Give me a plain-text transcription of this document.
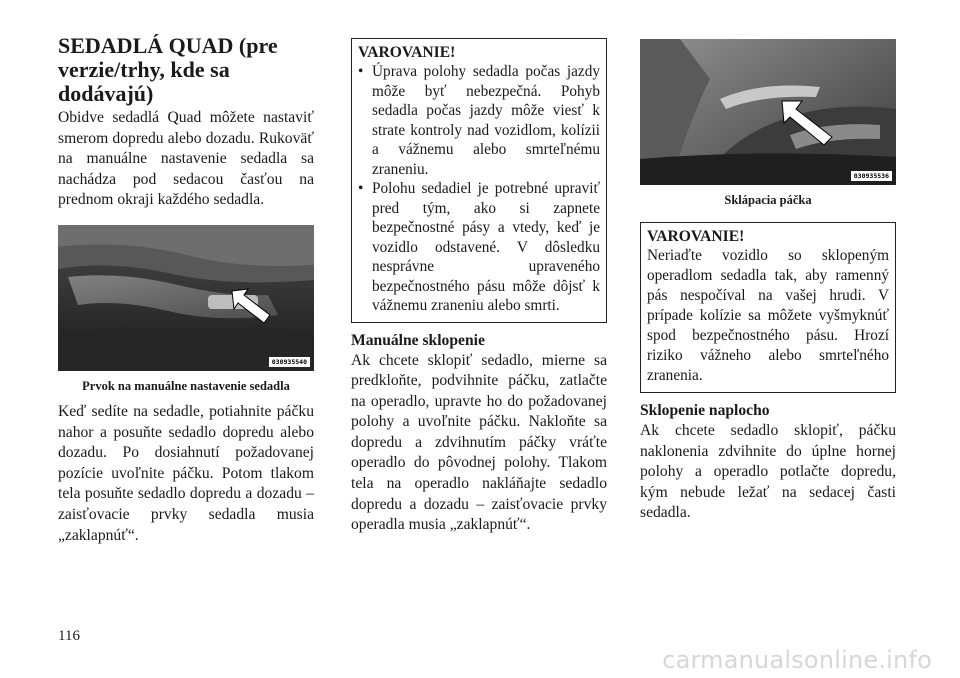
SEDADLÁ QUAD (pre verzie/trhy, kde sa dodávajú)

Obidve sedadlá Quad môžete nastaviť smerom dopredu alebo dozadu. Rukoväť na manuálne nastavenie sedadla sa nachádza pod sedacou časťou na prednom okraji každého sedadla.

030935540
Prvok na manuálne nastavenie sedadla

Keď sedíte na sedadle, potiahnite páčku nahor a posuňte sedadlo dopredu alebo dozadu. Po dosiahnutí požadovanej pozície uvoľnite páčku. Potom tlakom tela posuňte sedadlo dopredu a dozadu – zaisťovacie prvky sedadla musia „zaklapnúť“.

VAROVANIE!
• Úprava polohy sedadla počas jazdy môže byť nebezpečná. Pohyb sedadla počas jazdy môže viesť k strate kontroly nad vozidlom, kolízii a vážnemu alebo smrteľnému zraneniu.
• Polohu sedadiel je potrebné upraviť pred tým, ako si zapnete bezpečnostné pásy a vtedy, keď je vozidlo odstavené. V dôsledku nesprávne upraveného bezpečnostného pásu môže dôjsť k vážnemu zraneniu alebo smrti.
Manuálne sklopenie

Ak chcete sklopiť sedadlo, mierne sa predkloňte, podvihnite páčku, zatlačte na operadlo, upravte ho do požadovanej polohy a uvoľnite páčku. Nakloňte sa dopredu a zdvihnutím páčky vráťte operadlo do pôvodnej polohy. Tlakom tela na operadlo nakláňajte sedadlo dopredu a dozadu – zaisťovacie prvky operadla musia „zaklapnúť“.

030935536
Sklápacia páčka
VAROVANIE!

Neriaďte vozidlo so sklopeným operadlom sedadla tak, aby ramenný pás nespočíval na vašej hrudi. V prípade kolízie sa môžete vyšmyknúť spod bezpečnostného pásu. Hrozí riziko vážneho alebo smrteľného zranenia.

Sklopenie naplocho

Ak chcete sedadlo sklopiť, páčku naklonenia zdvihnite do úplne hornej polohy a operadlo potlačte dopredu, kým nebude ležať na sedacej časti sedadla.

116
carmanualsonline.info
